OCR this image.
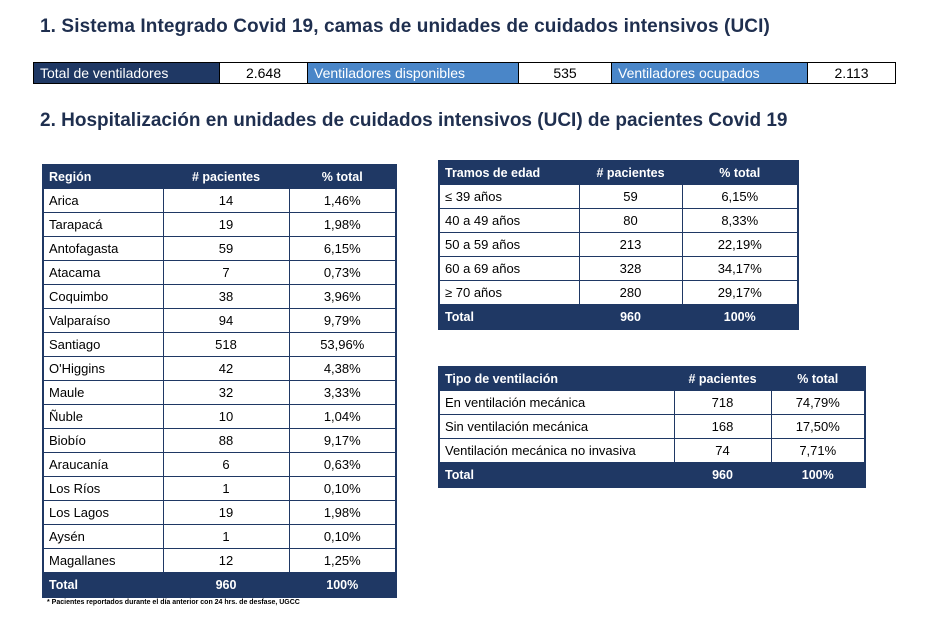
1. Sistema Integrado Covid 19, camas de unidades de cuidados intensivos (UCI)
Total de ventiladores	2.648	Ventiladores disponibles	535	Ventiladores ocupados	2.113
2. Hospitalización en unidades de cuidados intensivos (UCI) de pacientes Covid 19
Región	# pacientes	% total
Arica	14	1,46%
Tarapacá	19	1,98%
Antofagasta	59	6,15%
Atacama	7	0,73%
Coquimbo	38	3,96%
Valparaíso	94	9,79%
Santiago	518	53,96%
O'Higgins	42	4,38%
Maule	32	3,33%
Ñuble	10	1,04%
Biobío	88	9,17%
Araucanía	6	0,63%
Los Ríos	1	0,10%
Los Lagos	19	1,98%
Aysén	1	0,10%
Magallanes	12	1,25%
Total	960	100%
Tramos de edad	# pacientes	% total
≤ 39 años	59	6,15%
40 a 49 años	80	8,33%
50 a 59 años	213	22,19%
60 a 69 años	328	34,17%
≥ 70 años	280	29,17%
Total	960	100%
Tipo de ventilación	# pacientes	% total
En ventilación mecánica	718	74,79%
Sin ventilación mecánica	168	17,50%
Ventilación mecánica no invasiva	74	7,71%
Total	960	100%
* Pacientes reportados durante el día anterior con 24 hrs. de desfase, UGCC
